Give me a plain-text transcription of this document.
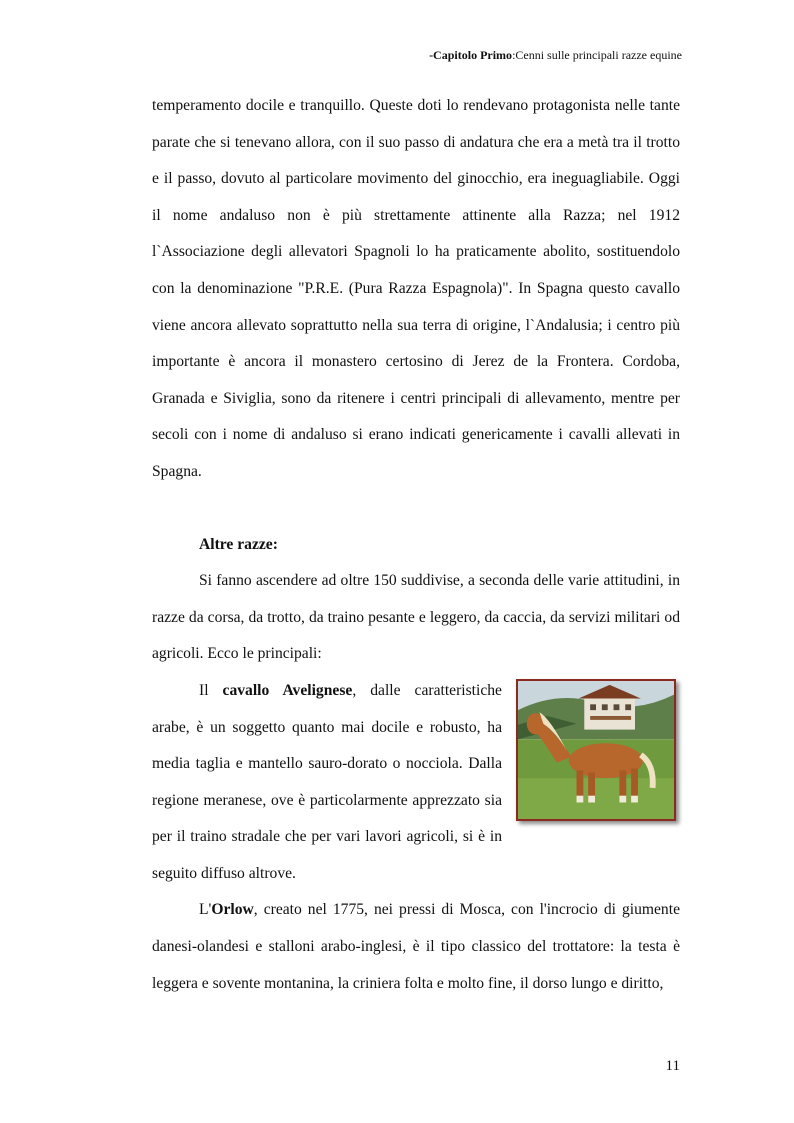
-Capitolo Primo:Cenni sulle principali razze equine

temperamento docile e tranquillo. Queste doti lo rendevano protagonista nelle tante parate che si tenevano allora, con il suo passo di andatura che era a metà tra il trotto e il passo, dovuto al particolare movimento del ginocchio, era ineguagliabile. Oggi il nome andaluso non è più strettamente attinente alla Razza; nel 1912 l`Associazione degli allevatori Spagnoli lo ha praticamente abolito, sostituendolo con la denominazione "P.R.E. (Pura Razza Espagnola)". In Spagna questo cavallo viene ancora allevato soprattutto nella sua terra di origine, l`Andalusia; i centro più importante è ancora il monastero certosino di Jerez de la Frontera. Cordoba, Granada e Siviglia, sono da ritenere i centri principali di allevamento, mentre per secoli con i nome di andaluso si erano indicati genericamente i cavalli allevati in Spagna.

Altre razze:

Si fanno ascendere ad oltre 150 suddivise, a seconda delle varie attitudini, in razze da corsa, da trotto, da traino pesante e leggero, da caccia, da servizi militari od agricoli. Ecco le principali:

Il cavallo Avelignese, dalle caratteristiche arabe, è un soggetto quanto mai docile e robusto, ha media taglia e mantello sauro-dorato o nocciola. Dalla regione meranese, ove è particolarmente apprezzato sia per il traino stradale che per vari lavori agricoli, si è in seguito diffuso altrove.

L'Orlow, creato nel 1775, nei pressi di Mosca, con l'incrocio di giumente danesi-olandesi e stalloni arabo-inglesi, è il tipo classico del trottatore: la testa è leggera e sovente montanina, la criniera folta e molto fine, il dorso lungo e diritto,

11
